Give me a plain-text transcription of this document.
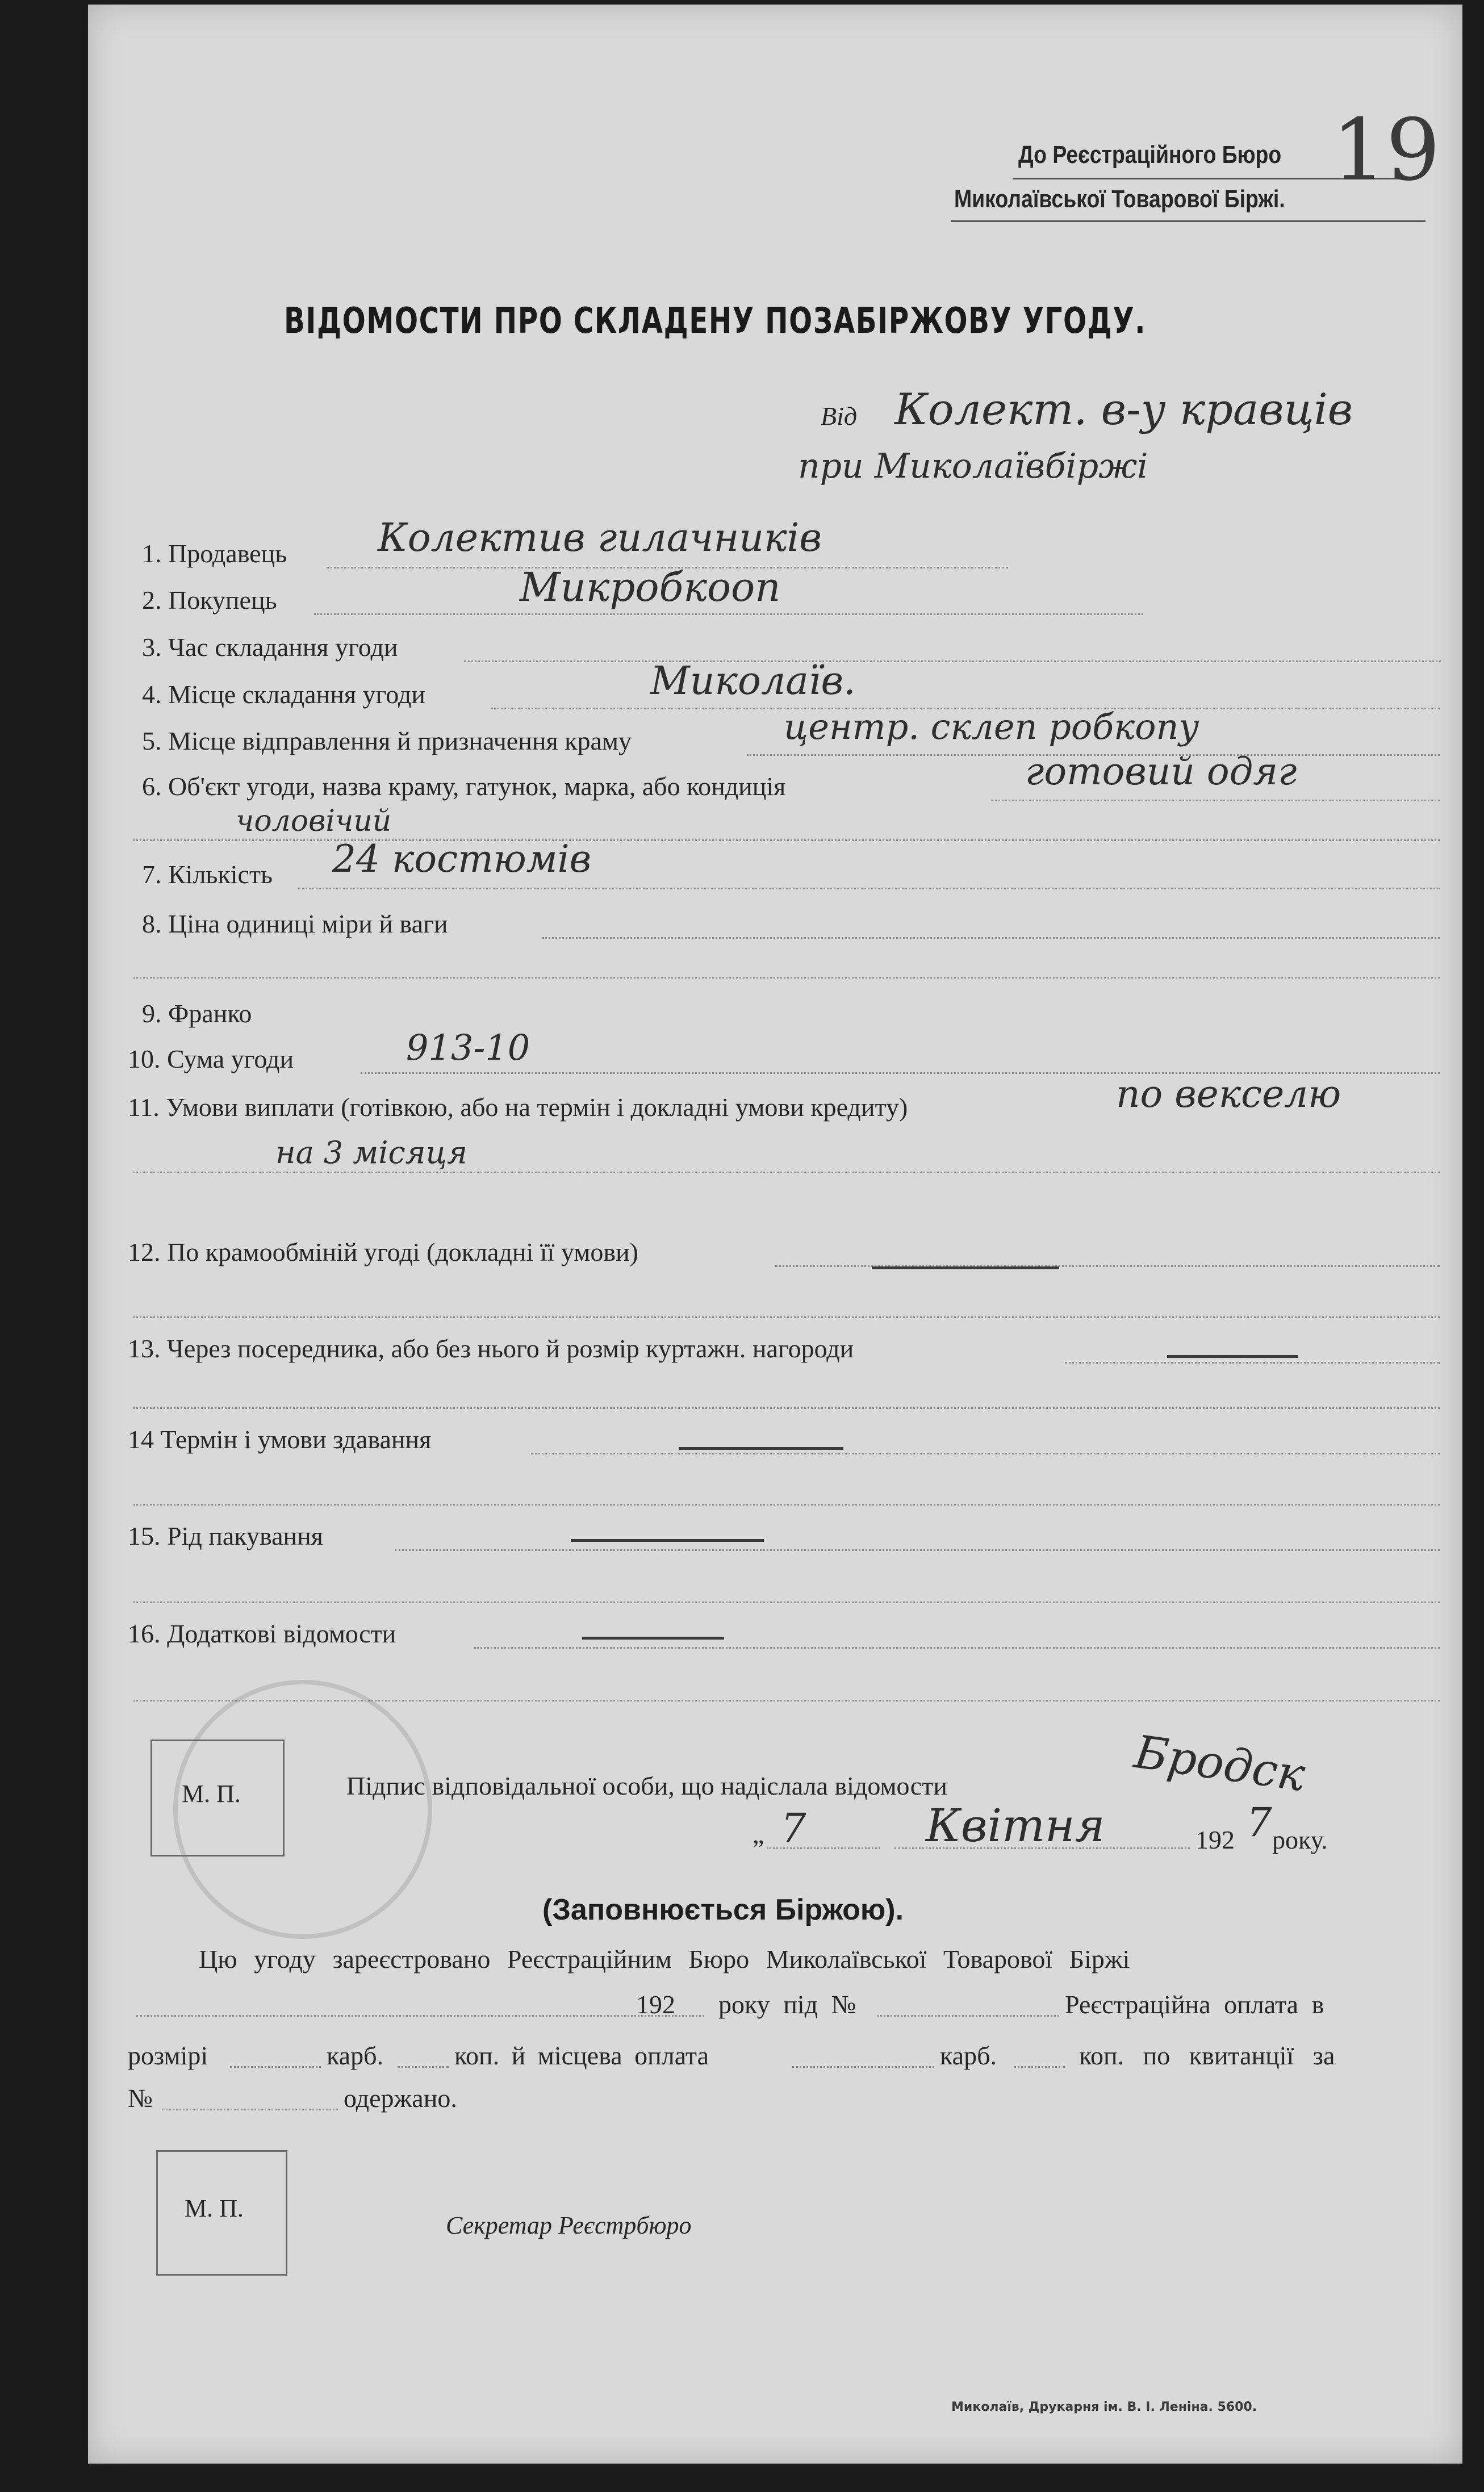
До Реєстраційного Бюро
Миколаївської Товарової Біржі. 19
ВІДОМОСТИ ПРО СКЛАДЕНУ ПОЗАБІРЖОВУ УГОДУ.
Від Колект. в-у кравців
при Миколаївбіржі
1. Продавець Колектив гилачників
2. Покупець	Микробкооп
3. Час складання угоди
4. Місце складання угоди	Миколаїв.
5. Місце відправлення й призначення краму	центр. склеп робкопу
6. Об'єкт угоди, назва краму, гатунок, марка, або кондиція	готовий одяг
чоловічий
7. Кількість 24 костюмів
8. Ціна одиниці міри й ваги
9. Франко
10. Сума угоди	913-10
11. Умови виплати (готівкою, або на термін і докладні умови кредиту)	по векселю
на 3 місяця
12. По крамообміній угоді (докладні її умови)
13. Через посередника, або без нього й розмір куртажн. нагороди
14 Термін і умови здавання
15. Рід пакування
16. Додаткові відомости
М. П.	Підпис відповідальної особи, що надіслала відомости	Бродск
„ 7	Квітня	192 7 року.
(Заповнюється Біржою).
Цю угоду зареєстровано Реєстраційним Бюро Миколаївської Товарової Біржі
192 року під №	Реєстраційна оплата в
розмірі	карб.	коп. й місцева оплата	карб.	коп. по квитанції за
№	одержано.
М. П.
Секретар Реєстрбюро
Миколаїв, Друкарня ім. В. І. Леніна. 5600.
